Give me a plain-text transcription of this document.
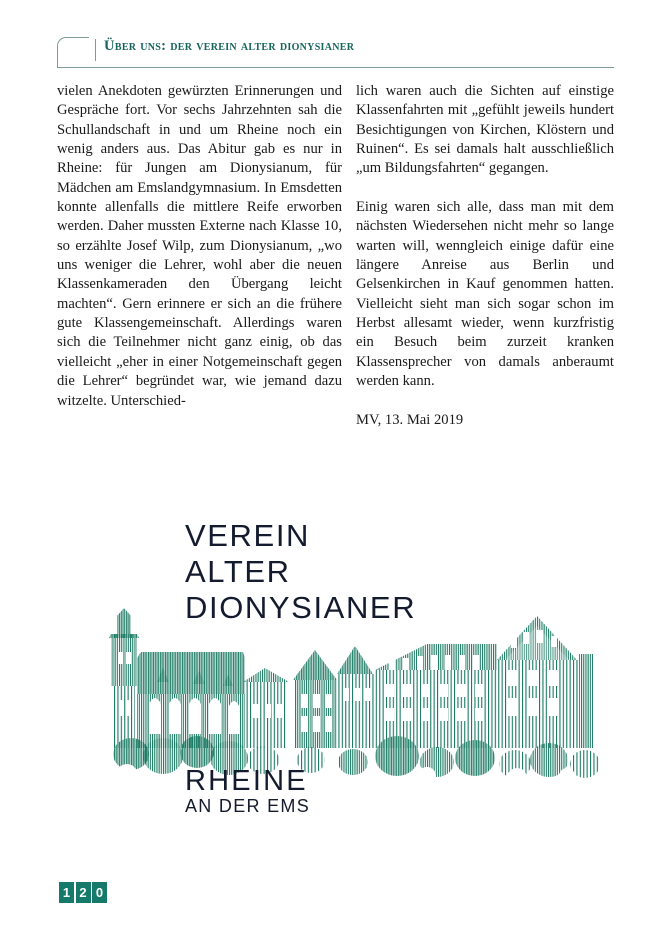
Über uns: der verein alter dionysianer

vielen Anekdoten gewürzten Erinnerungen und Gespräche fort. Vor sechs Jahrzehnten sah die Schullandschaft in und um Rheine noch ein wenig anders aus. Das Abitur gab es nur in Rheine: für Jungen am Dionysianum, für Mädchen am Emslandgymnasium. In Emsdetten konnte allenfalls die mittlere Reife erworben werden. Daher mussten Externe nach Klasse 10, so erzählte Josef Wilp, zum Dionysianum, „wo uns weniger die Lehrer, wohl aber die neuen Klassenkameraden den Übergang leicht machten“. Gern erinnere er sich an die frühere gute Klassengemeinschaft. Allerdings waren sich die Teilnehmer nicht ganz einig, ob das vielleicht „eher in einer Notgemeinschaft gegen die Lehrer“ begründet war, wie jemand dazu witzelte. Unterschied-

lich waren auch die Sichten auf einstige Klassenfahrten mit „gefühlt jeweils hundert Besichtigungen von Kirchen, Klöstern und Ruinen“. Es sei damals halt ausschließlich „um Bildungsfahrten“ gegangen.

Einig waren sich alle, dass man mit dem nächsten Wiedersehen nicht mehr so lange warten will, wenngleich einige dafür eine längere Anreise aus Berlin und Gelsenkirchen in Kauf genommen hatten. Vielleicht sieht man sich sogar schon im Herbst allesamt wieder, wenn kurzfristig ein Besuch beim zurzeit kranken Klassensprecher von damals anberaumt werden kann.

MV, 13. Mai 2019

VEREIN
ALTER
DIONYSIANER
RHEINE
AN DER EMS
1 2 0
